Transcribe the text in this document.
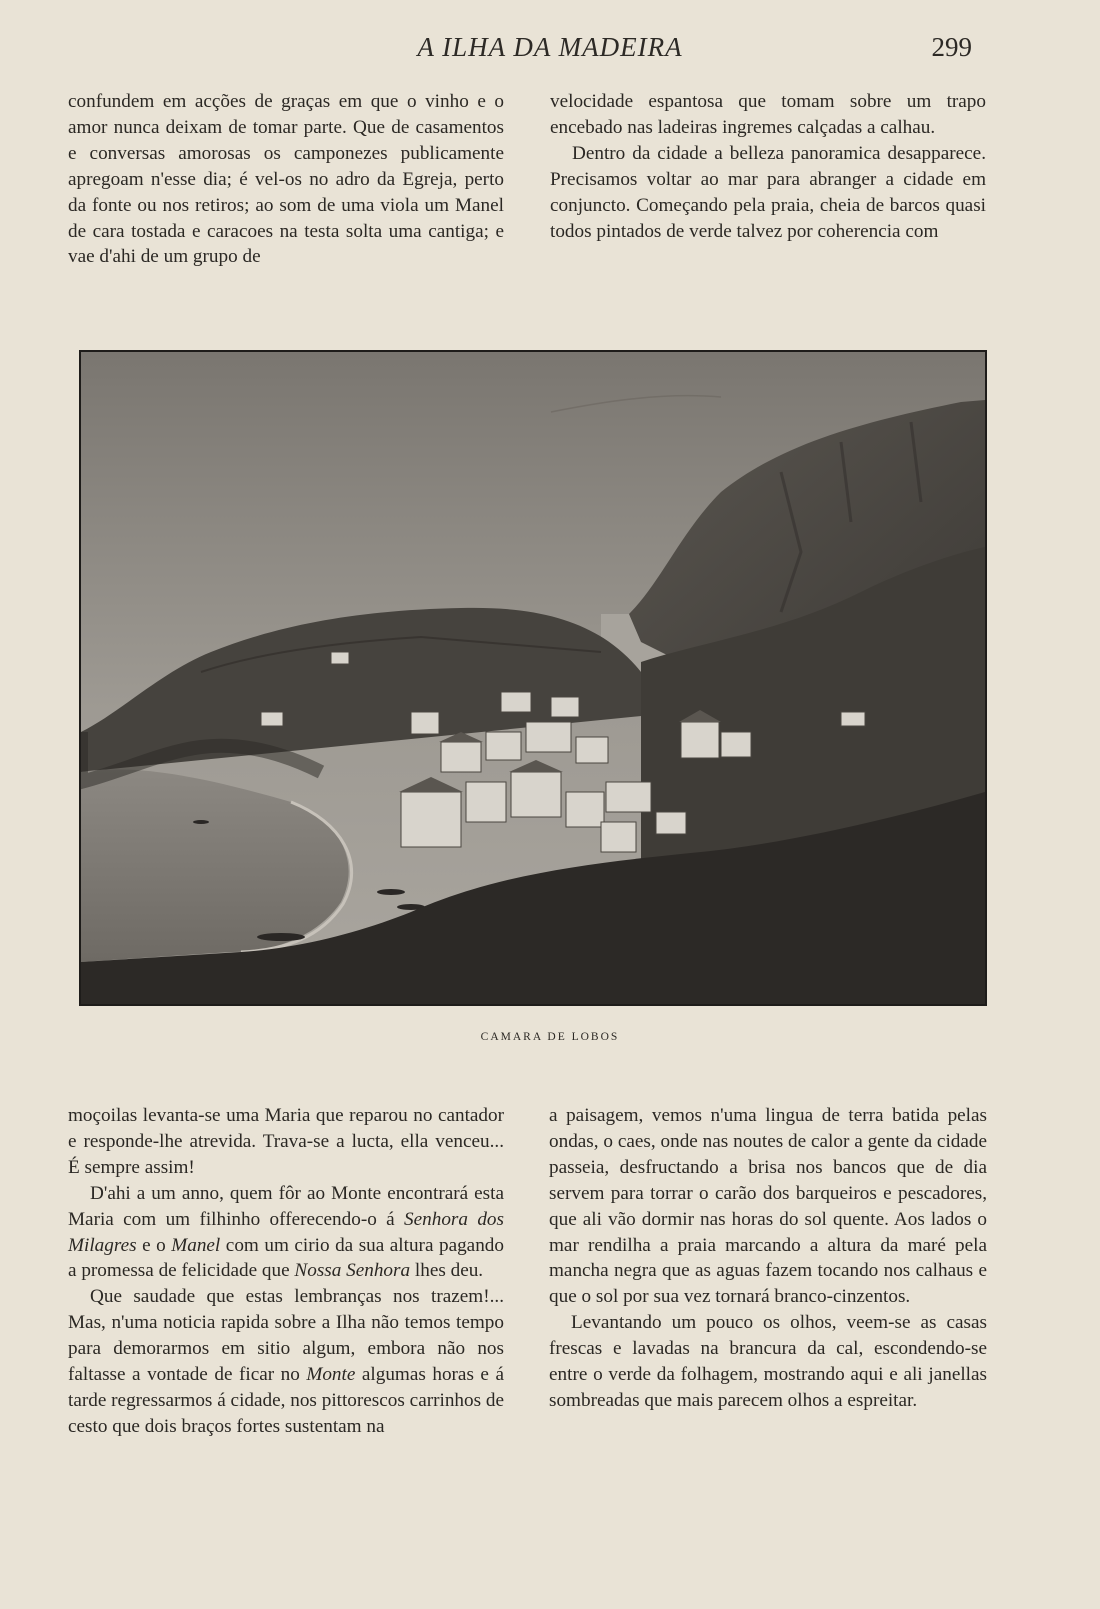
A ILHA DA MADEIRA	299

confundem em acções de graças em que o vinho e o amor nunca deixam de tomar parte. Que de casamentos e conversas amorosas os camponezes publicamente apregoam n'esse dia; é vel-os no adro da Egreja, perto da fonte ou nos retiros; ao som de uma viola um Manel de cara tostada e caracoes na testa solta uma cantiga; e vae d'ahi de um grupo de

velocidade espantosa que tomam sobre um trapo encebado nas ladeiras ingremes calçadas a calhau.

Dentro da cidade a belleza panoramica desapparece. Precisamos voltar ao mar para abranger a cidade em conjuncto. Começando pela praia, cheia de barcos quasi todos pintados de verde talvez por coherencia com

CAMARA DE LOBOS

moçoilas levanta-se uma Maria que reparou no cantador e responde-lhe atrevida. Trava-se a lucta, ella venceu... É sempre assim!

D'ahi a um anno, quem fôr ao Monte encontrará esta Maria com um filhinho offerecendo-o á Senhora dos Milagres e o Manel com um cirio da sua altura pagando a promessa de felicidade que Nossa Senhora lhes deu.

Que saudade que estas lembranças nos trazem!... Mas, n'uma noticia rapida sobre a Ilha não temos tempo para demorarmos em sitio algum, embora não nos faltasse a vontade de ficar no Monte algumas horas e á tarde regressarmos á cidade, nos pittorescos carrinhos de cesto que dois braços fortes sustentam na

a paisagem, vemos n'uma lingua de terra batida pelas ondas, o caes, onde nas noutes de calor a gente da cidade passeia, desfructando a brisa nos bancos que de dia servem para torrar o carão dos barqueiros e pescadores, que ali vão dormir nas horas do sol quente. Aos lados o mar rendilha a praia marcando a altura da maré pela mancha negra que as aguas fazem tocando nos calhaus e que o sol por sua vez tornará branco-cinzentos.

Levantando um pouco os olhos, veem-se as casas frescas e lavadas na brancura da cal, escondendo-se entre o verde da folhagem, mostrando aqui e ali janellas sombreadas que mais parecem olhos a espreitar.
